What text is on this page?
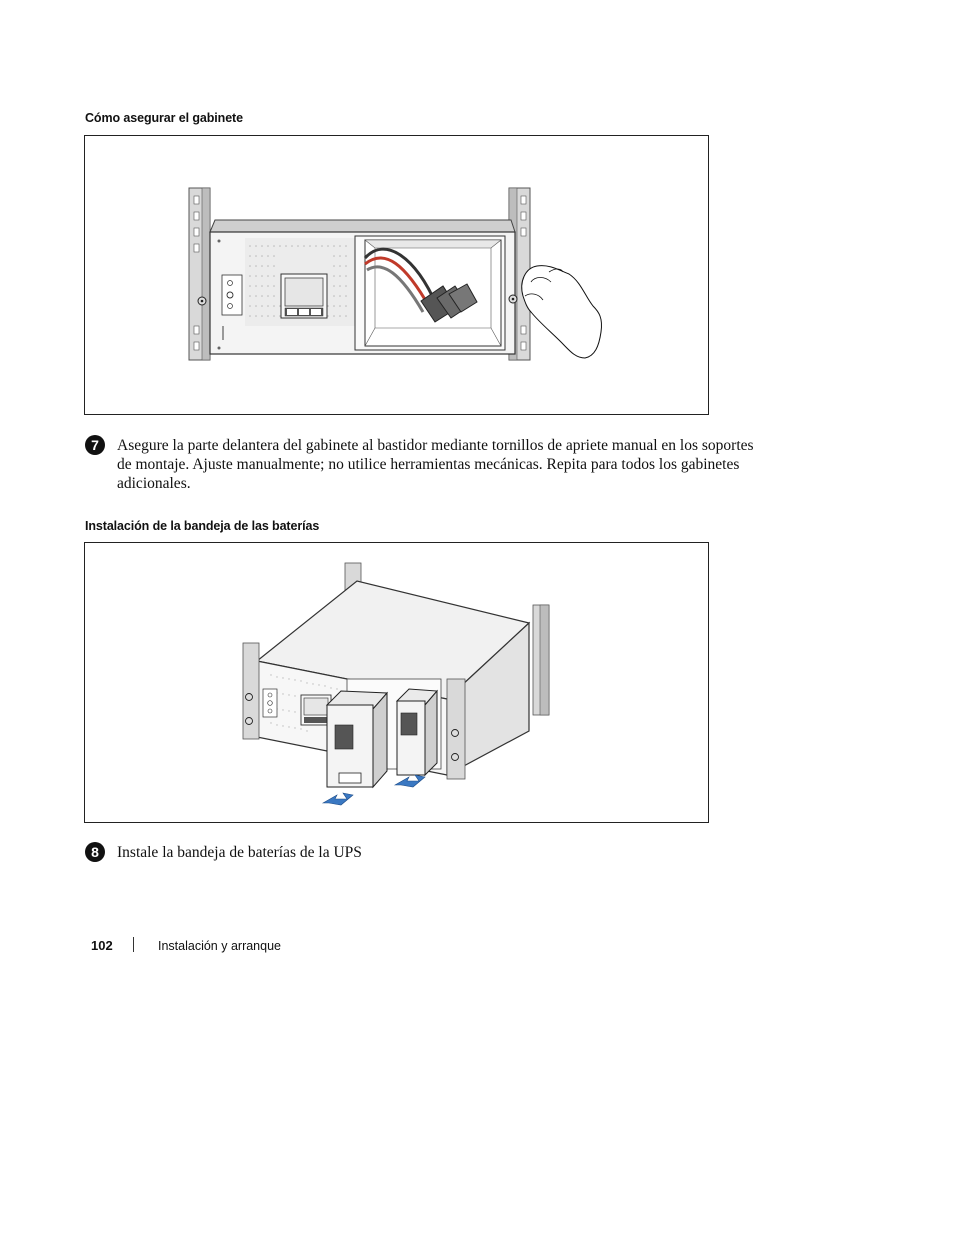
Cómo asegurar el gabinete
7	Asegure la parte delantera del gabinete al bastidor mediante tornillos de apriete manual en los soportes de montaje. Ajuste manualmente; no utilice herramientas mecánicas. Repita para todos los gabinetes adicionales.
Instalación de la bandeja de las baterías
8	Instale la bandeja de baterías de la UPS
102	Instalación y arranque
